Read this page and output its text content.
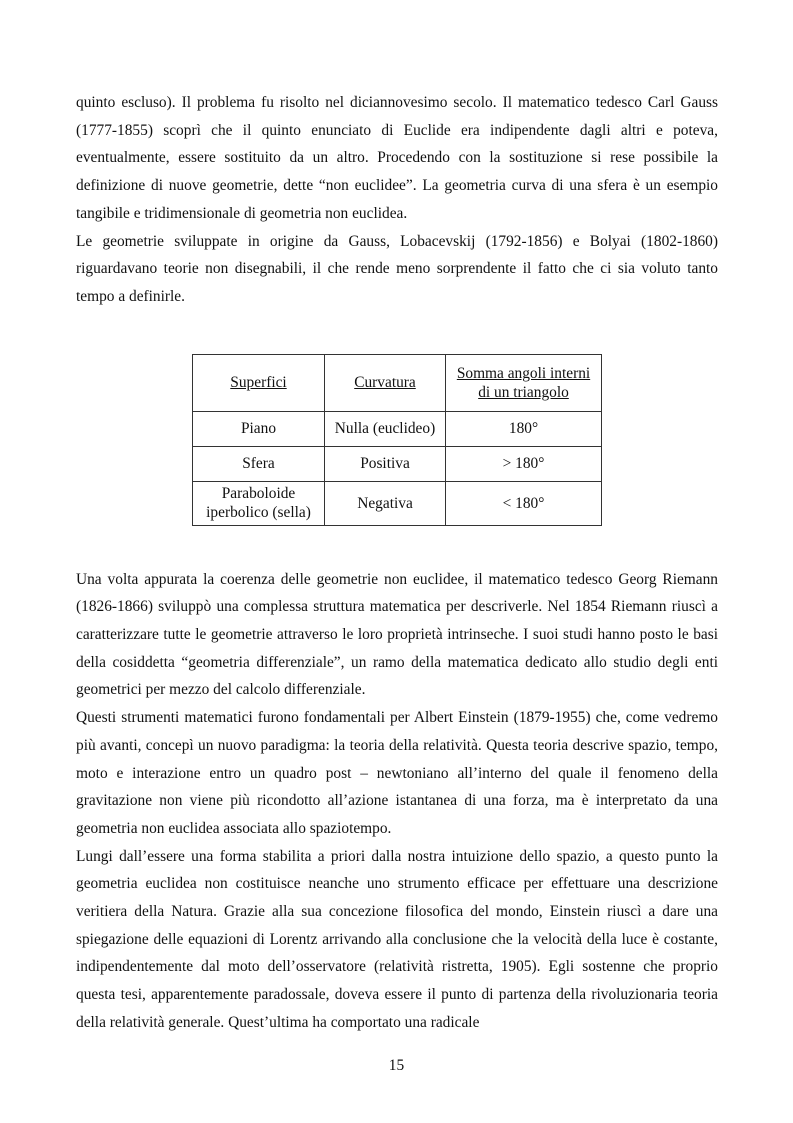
quinto escluso). Il problema fu risolto nel diciannovesimo secolo. Il matematico tedesco Carl Gauss (1777-1855) scoprì che il quinto enunciato di Euclide era indipendente dagli altri e poteva, eventualmente, essere sostituito da un altro. Procedendo con la sostituzione si rese possibile la definizione di nuove geometrie, dette “non euclidee”. La geometria curva di una sfera è un esempio tangibile e tridimensionale di geometria non euclidea.

Le geometrie sviluppate in origine da Gauss, Lobacevskij (1792-1856) e Bolyai (1802-1860) riguardavano teorie non disegnabili, il che rende meno sorprendente il fatto che ci sia voluto tanto tempo a definirle.

Superfici	Curvatura	Somma angoli interni di un triangolo
Piano	Nulla (euclideo)	180°
Sfera	Positiva	> 180°
Paraboloide iperbolico (sella)	Negativa	< 180°

Una volta appurata la coerenza delle geometrie non euclidee, il matematico tedesco Georg Riemann (1826-1866) sviluppò una complessa struttura matematica per descriverle. Nel 1854 Riemann riuscì a caratterizzare tutte le geometrie attraverso le loro proprietà intrinseche. I suoi studi hanno posto le basi della cosiddetta “geometria differenziale”, un ramo della matematica dedicato allo studio degli enti geometrici per mezzo del calcolo differenziale.

Questi strumenti matematici furono fondamentali per Albert Einstein (1879-1955) che, come vedremo più avanti, concepì un nuovo paradigma: la teoria della relatività. Questa teoria descrive spazio, tempo, moto e interazione entro un quadro post – newtoniano all’interno del quale il fenomeno della gravitazione non viene più ricondotto all’azione istantanea di una forza, ma è interpretato da una geometria non euclidea associata allo spaziotempo.

Lungi dall’essere una forma stabilita a priori dalla nostra intuizione dello spazio, a questo punto la geometria euclidea non costituisce neanche uno strumento efficace per effettuare una descrizione veritiera della Natura. Grazie alla sua concezione filosofica del mondo, Einstein riuscì a dare una spiegazione delle equazioni di Lorentz arrivando alla conclusione che la velocità della luce è costante, indipendentemente dal moto dell’osservatore (relatività ristretta, 1905). Egli sostenne che proprio questa tesi, apparentemente paradossale, doveva essere il punto di partenza della rivoluzionaria teoria della relatività generale. Quest’ultima ha comportato una radicale

15
